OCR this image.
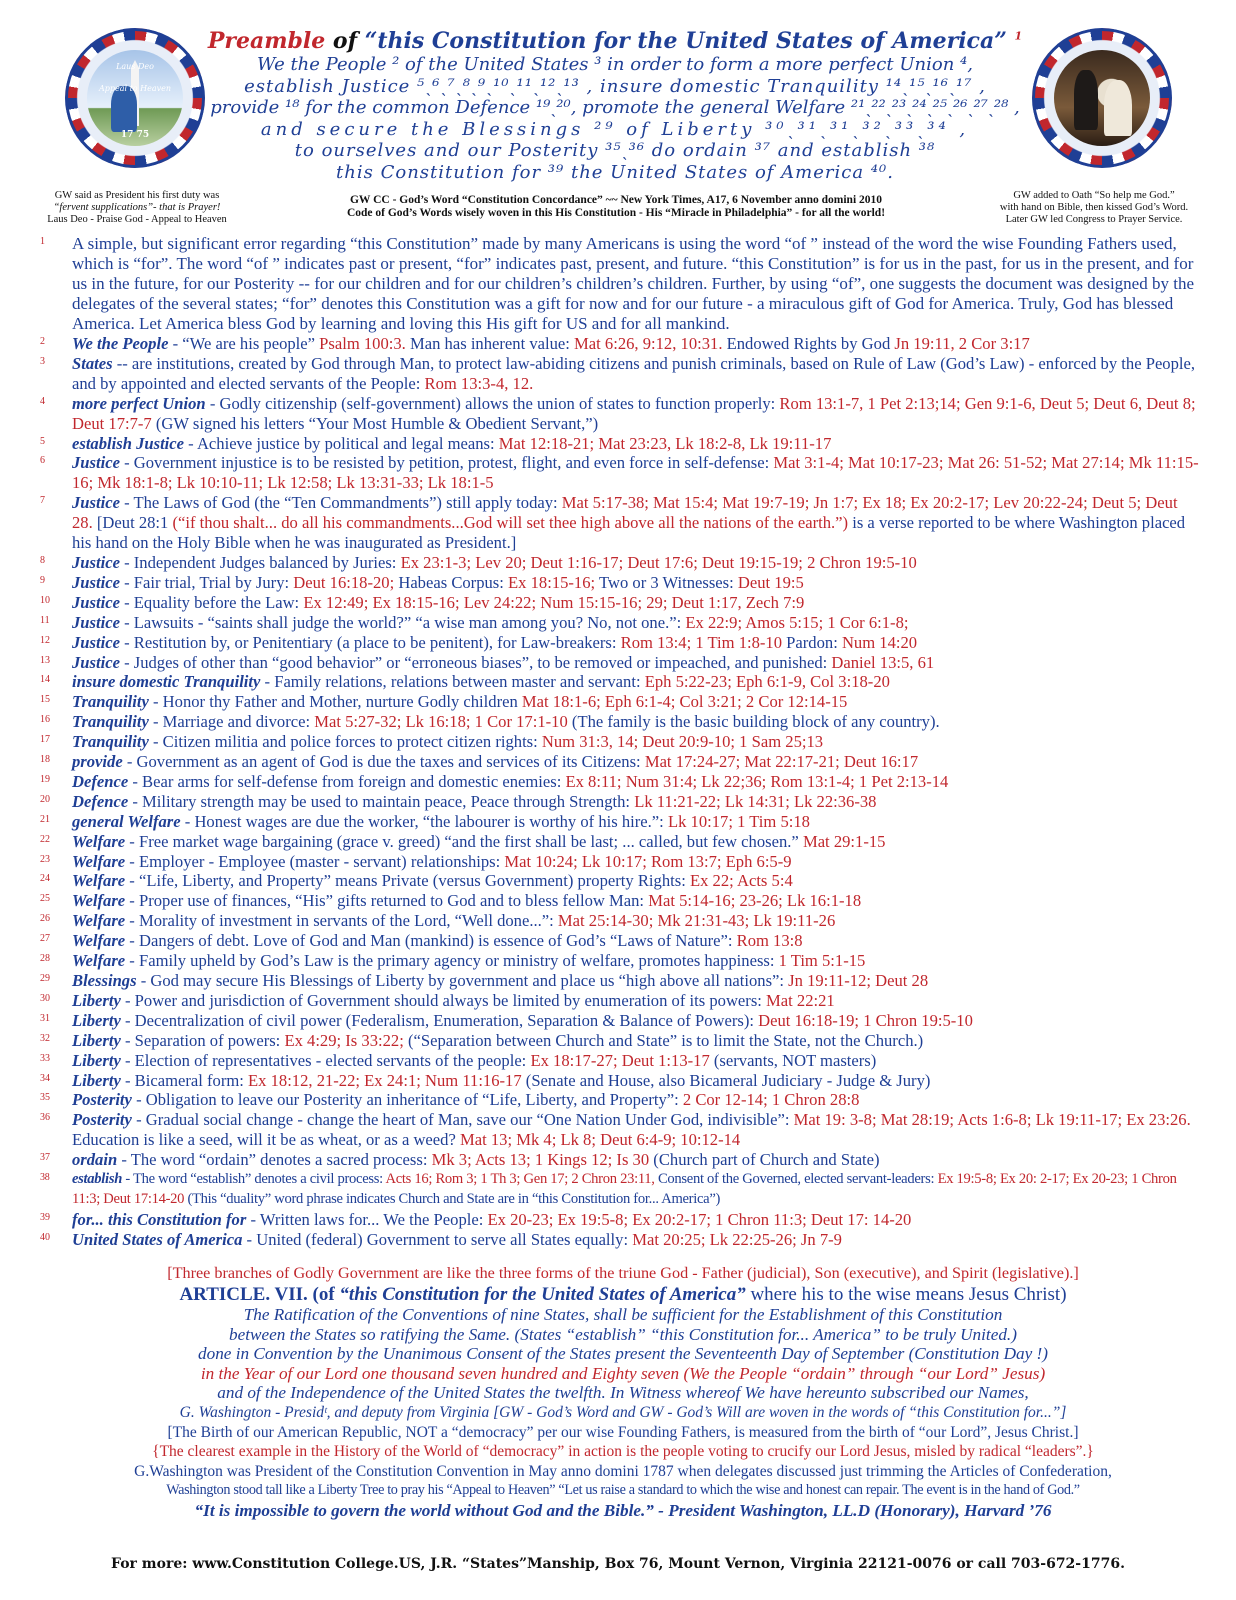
Laus Deo
Appeal to Heaven
17 75
Preamble of “this Constitution for the United States of America” $^1$
We the People ² of the United States ³ in order to form a more perfect Union ⁴,
establish Justice ⁵ˎ⁶ˎ⁷ˎ⁸ˎ⁹ˎ¹⁰ˎ¹¹ˎ¹²ˎ¹³ , insure domestic Tranquility ¹⁴ˎ¹⁵ˎ¹⁶ˎ¹⁷ ,
provide ¹⁸ for the common Defence ¹⁹ˎ²⁰, promote the general Welfare ²¹ˎ²²ˎ²³ˎ²⁴ˎ²⁵ˎ²⁶ˎ²⁷ˎ²⁸ ,
and secure the Blessings ²⁹ of Liberty ³⁰ˎ³¹ˎ³¹ˎ³²ˎ³³ˎ³⁴ ,
to ourselves and our Posterity ³⁵ˎ³⁶ do ordain ³⁷ and establish ³⁸
this Constitution for ³⁹ the United States of America ⁴⁰.
GW said as President his first duty was
“fervent supplications”- that is Prayer!
Laus Deo - Praise God - Appeal to Heaven
GW CC - God’s Word “Constitution Concordance” ~~ New York Times, A17, 6 November anno domini 2010
Code of God’s Words wisely woven in this His Constitution - His “Miracle in Philadelphia” - for all the world!
GW added to Oath “So help me God.”
with hand on Bible, then kissed God’s Word.
Later GW led Congress to Prayer Service.
1 A simple, but significant error regarding “this Constitution” made by many Americans is using the word “of ” instead of the word the wise Founding Fathers used, which is “for”. The word “of ” indicates past or present, “for” indicates past, present, and future. “this Constitution” is for us in the past, for us in the present, and for us in the future, for our Posterity -- for our children and for our children’s children’s children. Further, by using “of”, one suggests the document was designed by the delegates of the several states; “for” denotes this Constitution was a gift for now and for our future - a miraculous gift of God for America. Truly, God has blessed America. Let America bless God by learning and loving this His gift for US and for all mankind.
2 We the People - “We are his people” Psalm 100:3. Man has inherent value: Mat 6:26, 9:12, 10:31. Endowed Rights by God Jn 19:11, 2 Cor 3:17
3 States -- are institutions, created by God through Man, to protect law-abiding citizens and punish criminals, based on Rule of Law (God’s Law) - enforced by the People, and by appointed and elected servants of the People: Rom 13:3-4, 12.
4 more perfect Union - Godly citizenship (self-government) allows the union of states to function properly: Rom 13:1-7, 1 Pet 2:13;14; Gen 9:1-6, Deut 5; Deut 6, Deut 8; Deut 17:7-7 (GW signed his letters “Your Most Humble & Obedient Servant,”)
5 establish Justice - Achieve justice by political and legal means: Mat 12:18-21; Mat 23:23, Lk 18:2-8, Lk 19:11-17
6 Justice - Government injustice is to be resisted by petition, protest, flight, and even force in self-defense: Mat 3:1-4; Mat 10:17-23; Mat 26: 51-52; Mat 27:14; Mk 11:15-16; Mk 18:1-8; Lk 10:10-11; Lk 12:58; Lk 13:31-33; Lk 18:1-5
7 Justice - The Laws of God (the “Ten Commandments”) still apply today: Mat 5:17-38; Mat 15:4; Mat 19:7-19; Jn 1:7; Ex 18; Ex 20:2-17; Lev 20:22-24; Deut 5; Deut 28. [Deut 28:1 (“if thou shalt... do all his commandments...God will set thee high above all the nations of the earth.”) is a verse reported to be where Washington placed his hand on the Holy Bible when he was inaugurated as President.]
8 Justice - Independent Judges balanced by Juries: Ex 23:1-3; Lev 20; Deut 1:16-17; Deut 17:6; Deut 19:15-19; 2 Chron 19:5-10
9 Justice - Fair trial, Trial by Jury: Deut 16:18-20; Habeas Corpus: Ex 18:15-16; Two or 3 Witnesses: Deut 19:5
10 Justice - Equality before the Law: Ex 12:49; Ex 18:15-16; Lev 24:22; Num 15:15-16; 29; Deut 1:17, Zech 7:9
11 Justice - Lawsuits - “saints shall judge the world?” “a wise man among you? No, not one.”: Ex 22:9; Amos 5:15; 1 Cor 6:1-8;
12 Justice - Restitution by, or Penitentiary (a place to be penitent), for Law-breakers: Rom 13:4; 1 Tim 1:8-10 Pardon: Num 14:20
13 Justice - Judges of other than “good behavior” or “erroneous biases”, to be removed or impeached, and punished: Daniel 13:5, 61
14 insure domestic Tranquility - Family relations, relations between master and servant: Eph 5:22-23; Eph 6:1-9, Col 3:18-20
15 Tranquility - Honor thy Father and Mother, nurture Godly children Mat 18:1-6; Eph 6:1-4; Col 3:21; 2 Cor 12:14-15
16 Tranquility - Marriage and divorce: Mat 5:27-32; Lk 16:18; 1 Cor 17:1-10 (The family is the basic building block of any country).
17 Tranquility - Citizen militia and police forces to protect citizen rights: Num 31:3, 14; Deut 20:9-10; 1 Sam 25;13
18 provide - Government as an agent of God is due the taxes and services of its Citizens: Mat 17:24-27; Mat 22:17-21; Deut 16:17
19 Defence - Bear arms for self-defense from foreign and domestic enemies: Ex 8:11; Num 31:4; Lk 22;36; Rom 13:1-4; 1 Pet 2:13-14
20 Defence - Military strength may be used to maintain peace, Peace through Strength: Lk 11:21-22; Lk 14:31; Lk 22:36-38
21 general Welfare - Honest wages are due the worker, “the labourer is worthy of his hire.”: Lk 10:17; 1 Tim 5:18
22 Welfare - Free market wage bargaining (grace v. greed) “and the first shall be last; ... called, but few chosen.” Mat 29:1-15
23 Welfare - Employer - Employee (master - servant) relationships: Mat 10:24; Lk 10:17; Rom 13:7; Eph 6:5-9
24 Welfare - “Life, Liberty, and Property” means Private (versus Government) property Rights: Ex 22; Acts 5:4
25 Welfare - Proper use of finances, “His” gifts returned to God and to bless fellow Man: Mat 5:14-16; 23-26; Lk 16:1-18
26 Welfare - Morality of investment in servants of the Lord, “Well done...”: Mat 25:14-30; Mk 21:31-43; Lk 19:11-26
27 Welfare - Dangers of debt. Love of God and Man (mankind) is essence of God’s “Laws of Nature”: Rom 13:8
28 Welfare - Family upheld by God’s Law is the primary agency or ministry of welfare, promotes happiness: 1 Tim 5:1-15
29 Blessings - God may secure His Blessings of Liberty by government and place us “high above all nations”: Jn 19:11-12; Deut 28
30 Liberty - Power and jurisdiction of Government should always be limited by enumeration of its powers: Mat 22:21
31 Liberty - Decentralization of civil power (Federalism, Enumeration, Separation & Balance of Powers): Deut 16:18-19; 1 Chron 19:5-10
32 Liberty - Separation of powers: Ex 4:29; Is 33:22; (“Separation between Church and State” is to limit the State, not the Church.)
33 Liberty - Election of representatives - elected servants of the people: Ex 18:17-27; Deut 1:13-17 (servants, NOT masters)
34 Liberty - Bicameral form: Ex 18:12, 21-22; Ex 24:1; Num 11:16-17 (Senate and House, also Bicameral Judiciary - Judge & Jury)
35 Posterity - Obligation to leave our Posterity an inheritance of “Life, Liberty, and Property”: 2 Cor 12-14; 1 Chron 28:8
36 Posterity - Gradual social change - change the heart of Man, save our “One Nation Under God, indivisible”: Mat 19: 3-8; Mat 28:19; Acts 1:6-8; Lk 19:11-17; Ex 23:26. Education is like a seed, will it be as wheat, or as a weed? Mat 13; Mk 4; Lk 8; Deut 6:4-9; 10:12-14
37 ordain - The word “ordain” denotes a sacred process: Mk 3; Acts 13; 1 Kings 12; Is 30 (Church part of Church and State)
38 establish - The word “establish” denotes a civil process: Acts 16; Rom 3; 1 Th 3; Gen 17; 2 Chron 23:11, Consent of the Governed, elected servant-leaders: Ex 19:5-8; Ex 20: 2-17; Ex 20-23; 1 Chron 11:3; Deut 17:14-20 (This “duality” word phrase indicates Church and State are in “this Constitution for... America”)
39 for... this Constitution for - Written laws for... We the People: Ex 20-23; Ex 19:5-8; Ex 20:2-17; 1 Chron 11:3; Deut 17: 14-20
40 United States of America - United (federal) Government to serve all States equally: Mat 20:25; Lk 22:25-26; Jn 7-9
[Three branches of Godly Government are like the three forms of the triune God - Father (judicial), Son (executive), and Spirit (legislative).]
ARTICLE. VII. (of “this Constitution for the United States of America” where his to the wise means Jesus Christ)
The Ratification of the Conventions of nine States, shall be sufficient for the Establishment of this Constitution
between the States so ratifying the Same. (States “establish” “this Constitution for... America” to be truly United.)
done in Convention by the Unanimous Consent of the States present the Seventeenth Day of September (Constitution Day !)
in the Year of our Lord one thousand seven hundred and Eighty seven (We the People “ordain” through “our Lord” Jesus)
and of the Independence of the United States the twelfth. In Witness whereof We have hereunto subscribed our Names,
G. Washington - Presidᵗ, and deputy from Virginia [GW - God’s Word and GW - God’s Will are woven in the words of “this Constitution for...”]
[The Birth of our American Republic, NOT a “democracy” per our wise Founding Fathers, is measured from the birth of “our Lord”, Jesus Christ.]
{The clearest example in the History of the World of “democracy” in action is the people voting to crucify our Lord Jesus, misled by radical “leaders”.}
G.Washington was President of the Constitution Convention in May anno domini 1787 when delegates discussed just trimming the Articles of Confederation,
Washington stood tall like a Liberty Tree to pray his “Appeal to Heaven” “Let us raise a standard to which the wise and honest can repair. The event is in the hand of God.”
“It is impossible to govern the world without God and the Bible.” - President Washington, LL.D (Honorary), Harvard ’76
For more: www.Constitution College.US, J.R. “States”Manship, Box 76, Mount Vernon, Virginia 22121-0076 or call 703-672-1776.
